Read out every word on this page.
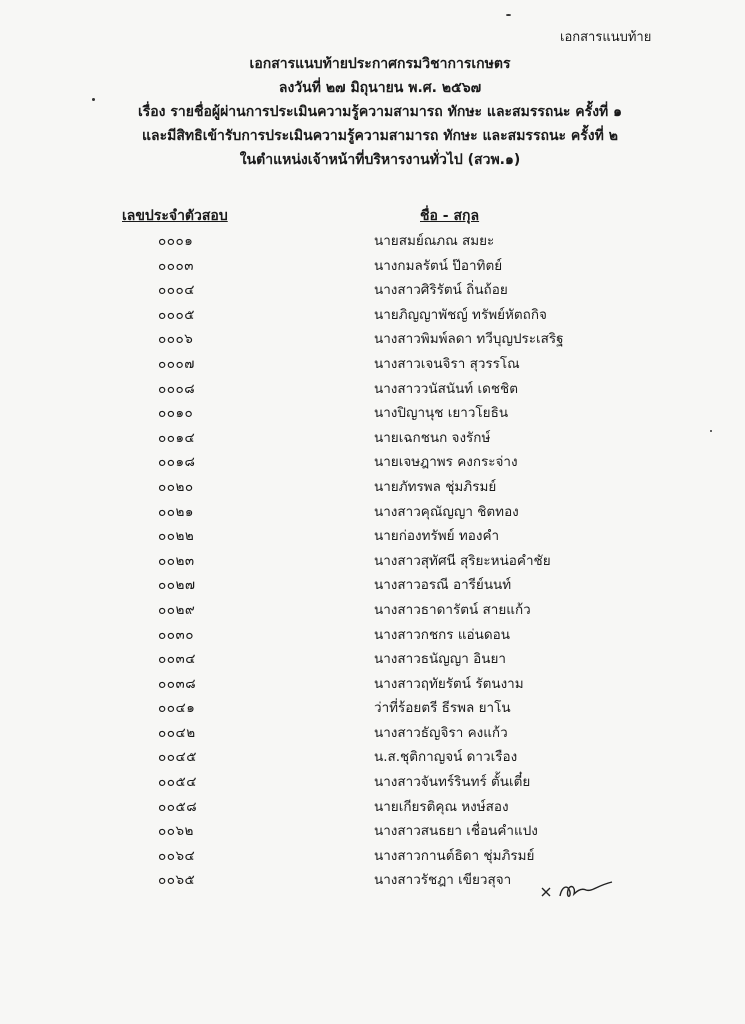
เอกสารแนบท้าย
เอกสารแนบท้ายประกาศกรมวิชาการเกษตร
ลงวันที่ ๒๗ มิถุนายน พ.ศ. ๒๕๖๗
เรื่อง รายชื่อผู้ผ่านการประเมินความรู้ความสามารถ ทักษะ และสมรรถนะ ครั้งที่ ๑
และมีสิทธิเข้ารับการประเมินความรู้ความสามารถ ทักษะ และสมรรถนะ ครั้งที่ ๒
ในตำแหน่งเจ้าหน้าที่บริหารงานทั่วไป (สวพ.๑)
เลขประจำตัวสอบ	ชื่อ - สกุล
๐๐๐๑	นายสมย์ณภณ สมยะ
๐๐๐๓	นางกมลรัตน์ ป๊อาทิตย์
๐๐๐๔	นางสาวศิริรัตน์ ถิ่นถ้อย
๐๐๐๕	นายภิญญาพัชญ์ ทรัพย์หัตถกิจ
๐๐๐๖	นางสาวพิมพ์ลดา ทวีบุญประเสริฐ
๐๐๐๗	นางสาวเจนจิรา สุวรรโณ
๐๐๐๘	นางสาววนัสนันท์ เดชชิต
๐๐๑๐	นางปิญานุช เยาวโยธิน
๐๐๑๔	นายเฉกชนก จงรักษ์
๐๐๑๘	นายเจษฎาพร คงกระจ่าง
๐๐๒๐	นายภัทรพล ชุ่มภิรมย์
๐๐๒๑	นางสาวคุณัญญา ชิตทอง
๐๐๒๒	นายก่องทรัพย์ ทองคำ
๐๐๒๓	นางสาวสุทัศนี สุริยะหน่อคำชัย
๐๐๒๗	นางสาวอรณี อารีย์นนท์
๐๐๒๙	นางสาวธาดารัตน์ สายแก้ว
๐๐๓๐	นางสาวกชกร แอ่นดอน
๐๐๓๔	นางสาวธนัญญา อินยา
๐๐๓๘	นางสาวฤทัยรัตน์ รัตนงาม
๐๐๔๑	ว่าที่ร้อยตรี ธีรพล ยาโน
๐๐๔๒	นางสาวธัญจิรา คงแก้ว
๐๐๔๕	น.ส.ชุติกาญจน์ ดาวเรือง
๐๐๕๔	นางสาวจันทร์รินทร์ ตั้นเตี๋ย
๐๐๕๘	นายเกียรติคุณ หงษ์สอง
๐๐๖๒	นางสาวสนธยา เชื่อนคำแปง
๐๐๖๔	นางสาวกานต์ธิดา ชุ่มภิรมย์
๐๐๖๕	นางสาวรัชฎา เขียวสุจา
